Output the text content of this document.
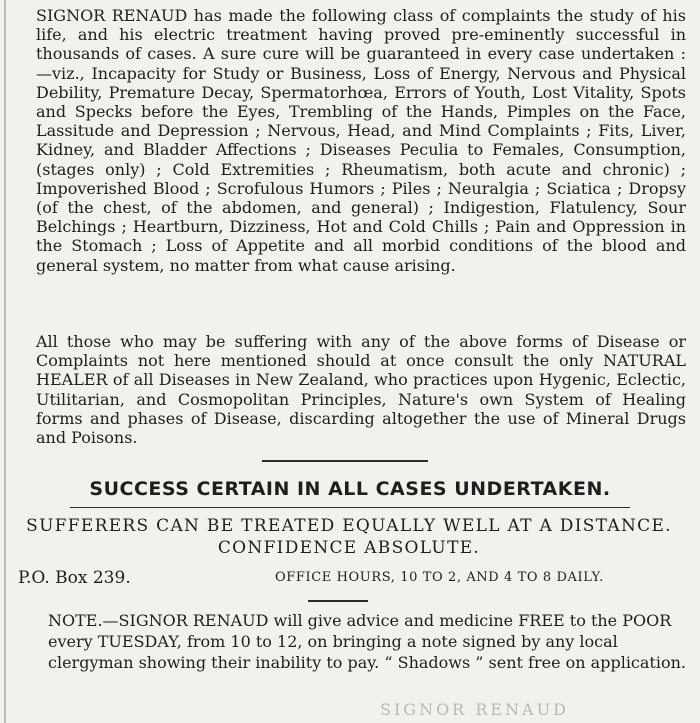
SIGNOR RENAUD has made the following class of complaints the study of his life, and his electric treatment having proved pre-eminently successful in thousands of cases. A sure cure will be guaranteed in every case undertaken :—viz., Incapacity for Study or Business, Loss of Energy, Nervous and Physical Debility, Premature Decay, Spermatorhœa, Errors of Youth, Lost Vitality, Spots and Specks before the Eyes, Trembling of the Hands, Pimples on the Face, Lassitude and Depression ; Nervous, Head, and Mind Complaints ; Fits, Liver, Kidney, and Bladder Affections ; Diseases Peculia to Females, Consumption, (stages only) ; Cold Extremities ; Rheumatism, both acute and chronic) ; Impoverished Blood ; Scrofulous Humors ; Piles ; Neuralgia ; Sciatica ; Dropsy (of the chest, of the abdomen, and general) ; Indigestion, Flatulency, Sour Belchings ; Heartburn, Dizziness, Hot and Cold Chills ; Pain and Oppression in the Stomach ; Loss of Appetite and all morbid conditions of the blood and general system, no matter from what cause arising.
All those who may be suffering with any of the above forms of Disease or Complaints not here mentioned should at once consult the only NATURAL HEALER of all Diseases in New Zealand, who practices upon Hygenic, Eclectic, Utilitarian, and Cosmopolitan Principles, Nature's own System of Healing forms and phases of Disease, discarding altogether the use of Mineral Drugs and Poisons.
SUCCESS CERTAIN IN ALL CASES UNDERTAKEN.
SUFFERERS CAN BE TREATED EQUALLY WELL AT A DISTANCE.
CONFIDENCE ABSOLUTE.
P.O. Box 239.	OFFICE HOURS, 10 TO 2, AND 4 TO 8 DAILY.
NOTE.—SIGNOR RENAUD will give advice and medicine FREE to the POOR every TUESDAY, from 10 to 12, on bringing a note signed by any local clergyman showing their inability to pay. “ Shadows ” sent free on application.
SIGNOR RENAUD
